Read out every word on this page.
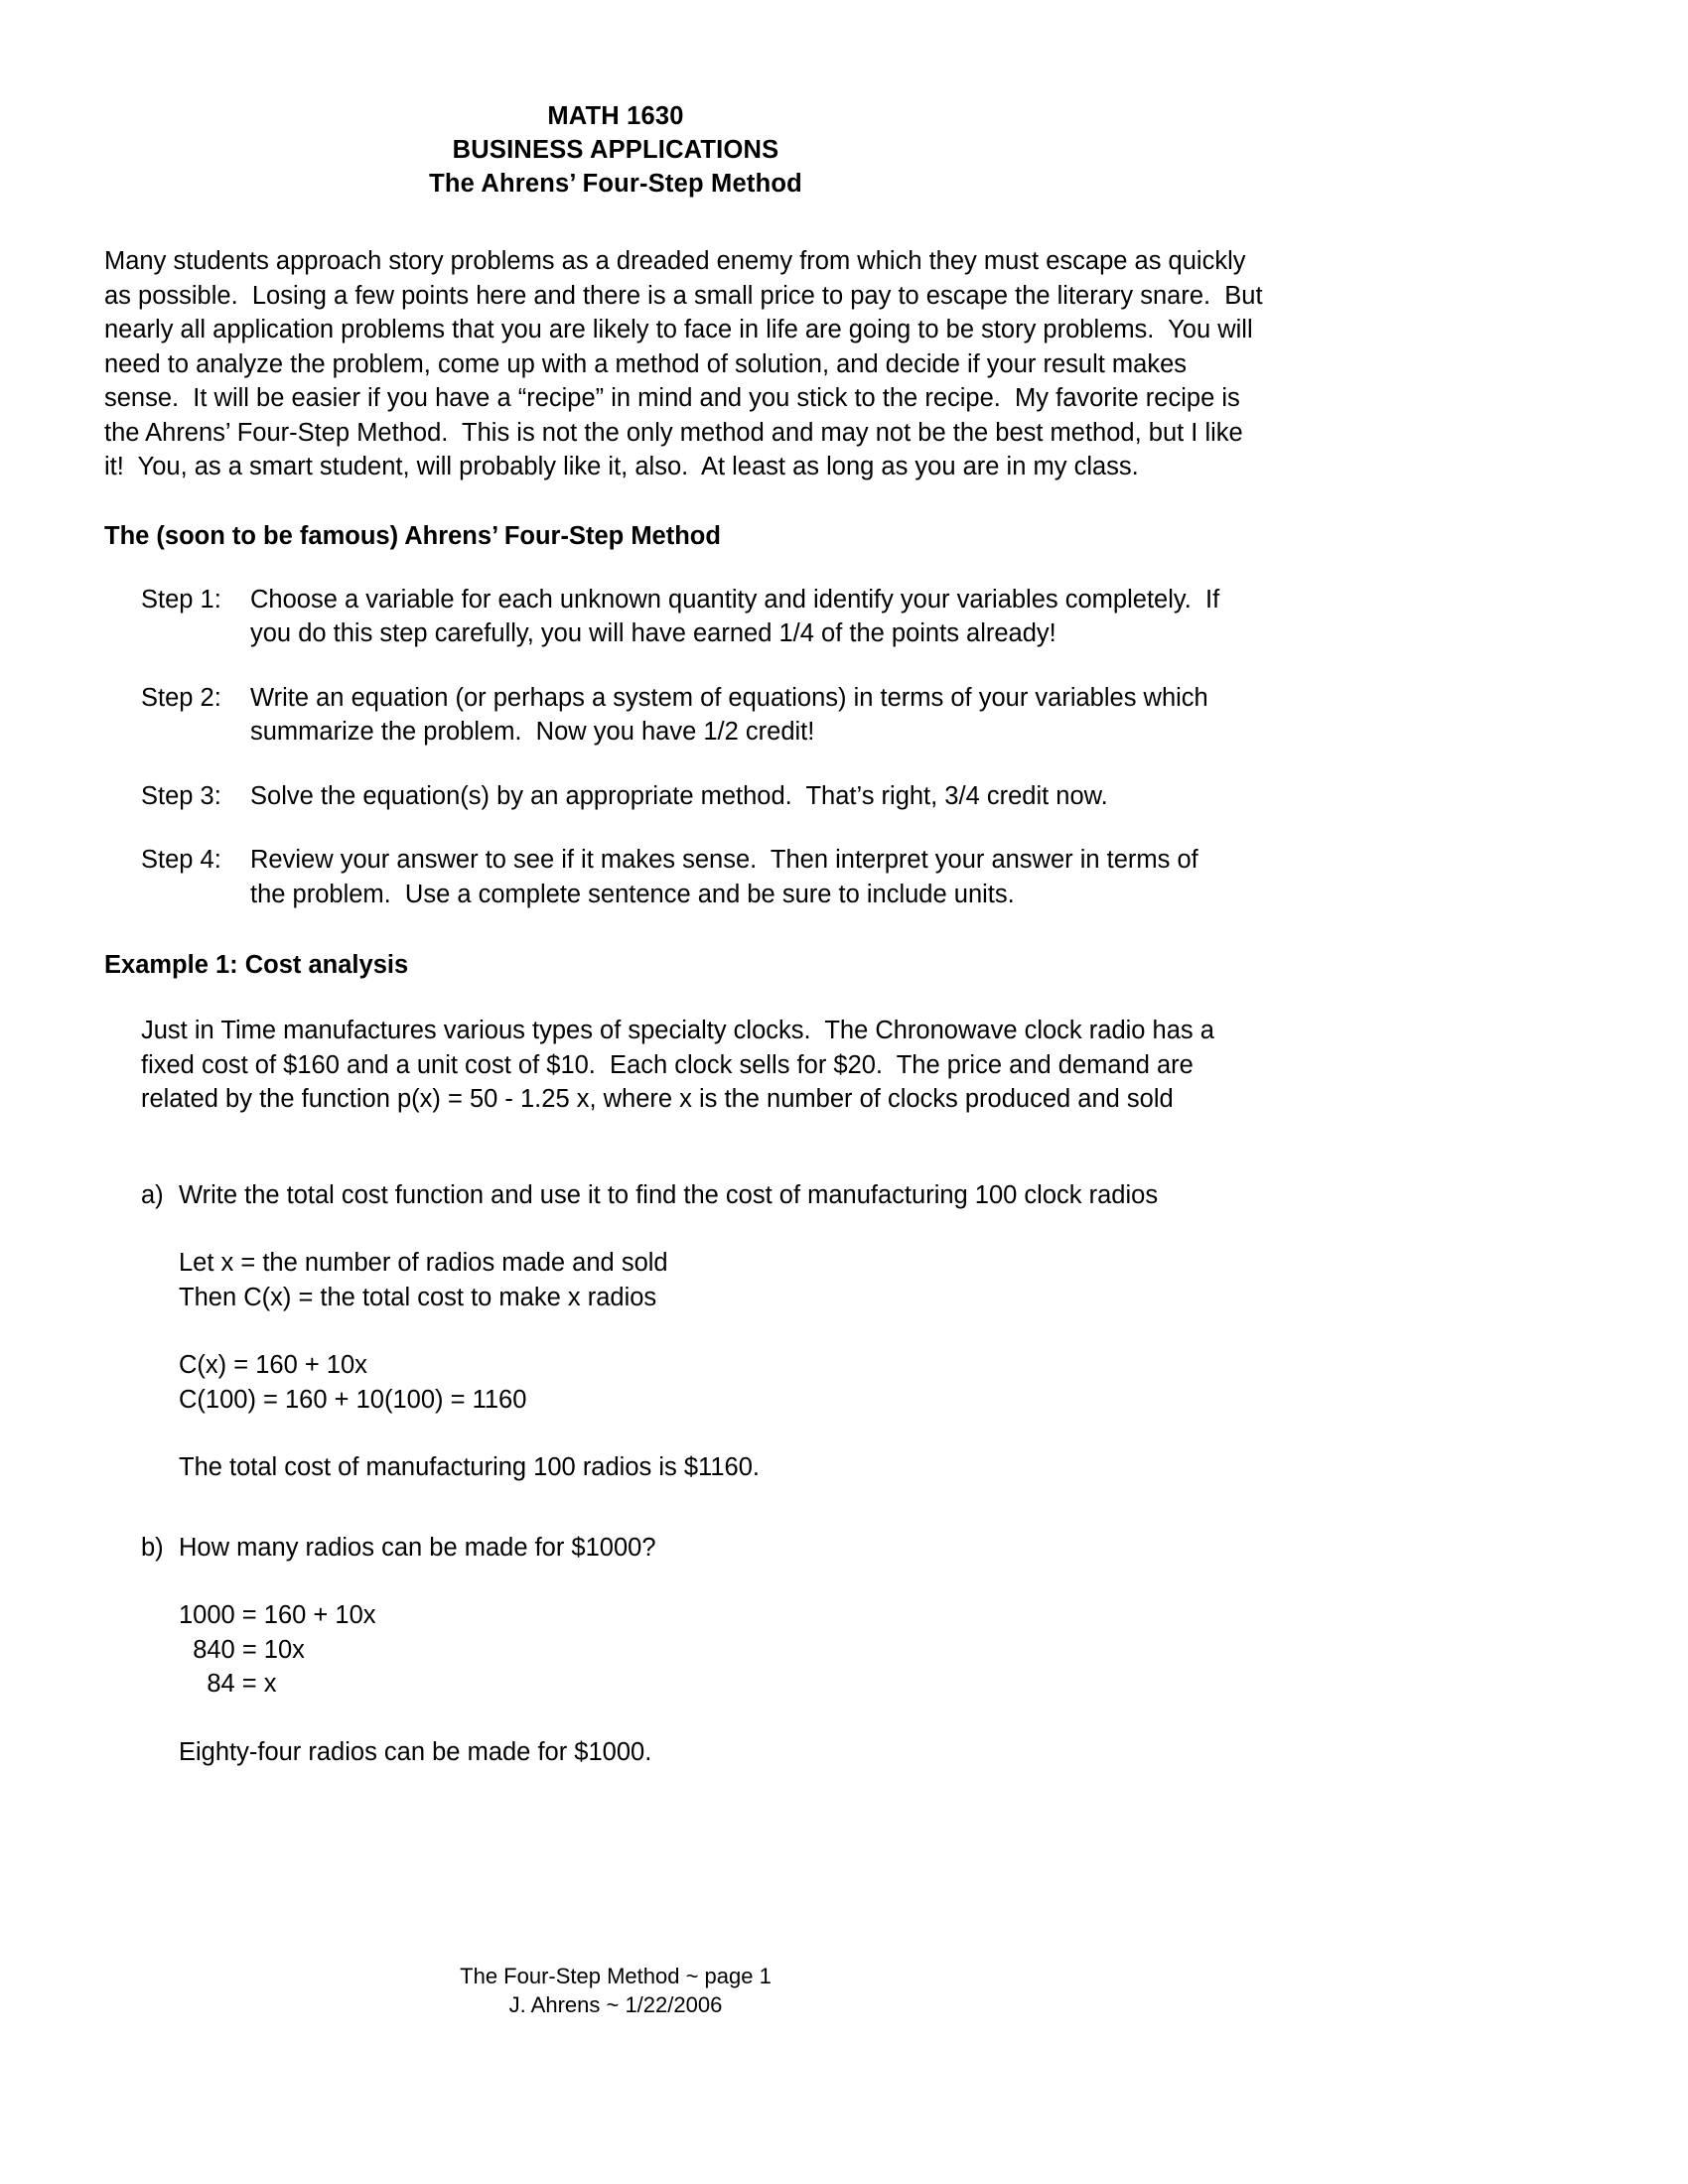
MATH 1630
BUSINESS APPLICATIONS
The Ahrens’ Four-Step Method
Many students approach story problems as a dreaded enemy from which they must escape as quickly
as possible.  Losing a few points here and there is a small price to pay to escape the literary snare.  But
nearly all application problems that you are likely to face in life are going to be story problems.  You will
need to analyze the problem, come up with a method of solution, and decide if your result makes
sense.  It will be easier if you have a “recipe” in mind and you stick to the recipe.  My favorite recipe is
the Ahrens’ Four-Step Method.  This is not the only method and may not be the best method, but I like
it!  You, as a smart student, will probably like it, also.  At least as long as you are in my class.
The (soon to be famous) Ahrens’ Four-Step Method
Step 1:	Choose a variable for each unknown quantity and identify your variables completely.  If
you do this step carefully, you will have earned 1/4 of the points already!
Step 2:	Write an equation (or perhaps a system of equations) in terms of your variables which
summarize the problem.  Now you have 1/2 credit!
Step 3:	Solve the equation(s) by an appropriate method.  That’s right, 3/4 credit now.
Step 4:	Review your answer to see if it makes sense.  Then interpret your answer in terms of
the problem.  Use a complete sentence and be sure to include units.
Example 1: Cost analysis
Just in Time manufactures various types of specialty clocks.  The Chronowave clock radio has a
fixed cost of $160 and a unit cost of $10.  Each clock sells for $20.  The price and demand are
related by the function p(x) = 50 - 1.25 x, where x is the number of clocks produced and sold
a) Write the total cost function and use it to find the cost of manufacturing 100 clock radios
Let x = the number of radios made and sold
Then C(x) = the total cost to make x radios
C(x) = 160 + 10x
C(100) = 160 + 10(100) = 1160
The total cost of manufacturing 100 radios is $1160.
b) How many radios can be made for $1000?
1000 =	160 + 10x
840 =	10x
84 =	x
Eighty-four radios can be made for $1000.
The Four-Step Method ~ page 1
J. Ahrens ~ 1/22/2006
